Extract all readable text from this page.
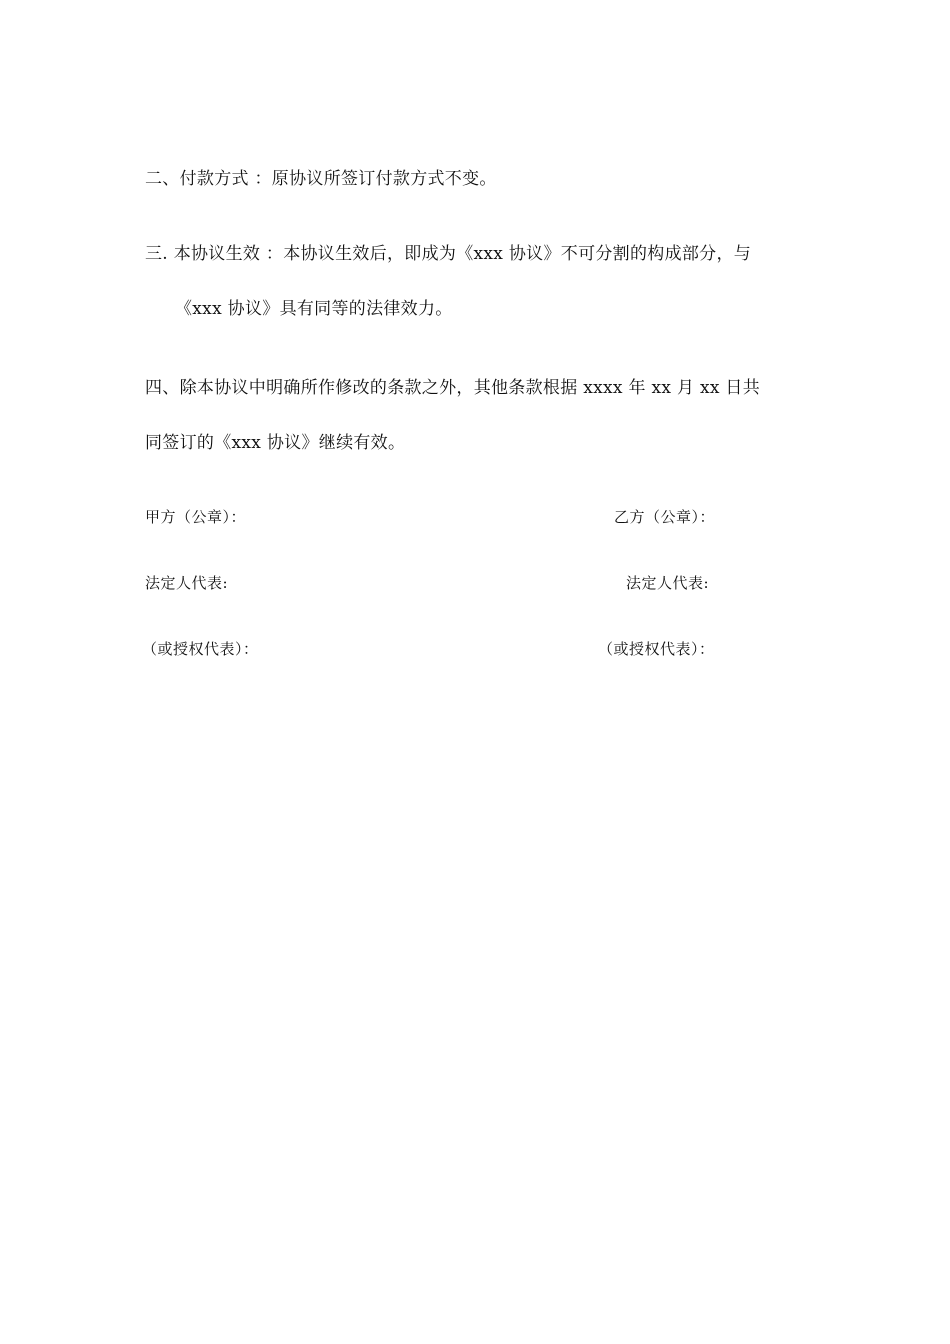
二、付款方式 ：原协议所签订付款方式不变。
三. 本协议生效 ：本协议生效后，即成为《xxx 协议》不可分割的构成部分，与
《xxx 协议》具有同等的法律效力。
四、除本协议中明确所作修改的条款之外，其他条款根据 xxxx 年 xx 月 xx 日共
同签订的《xxx 协议》继续有效。
甲方（公章）：	乙方（公章）：
法定人代表:	法定人代表:
（或授权代表）：	（或授权代表）：
